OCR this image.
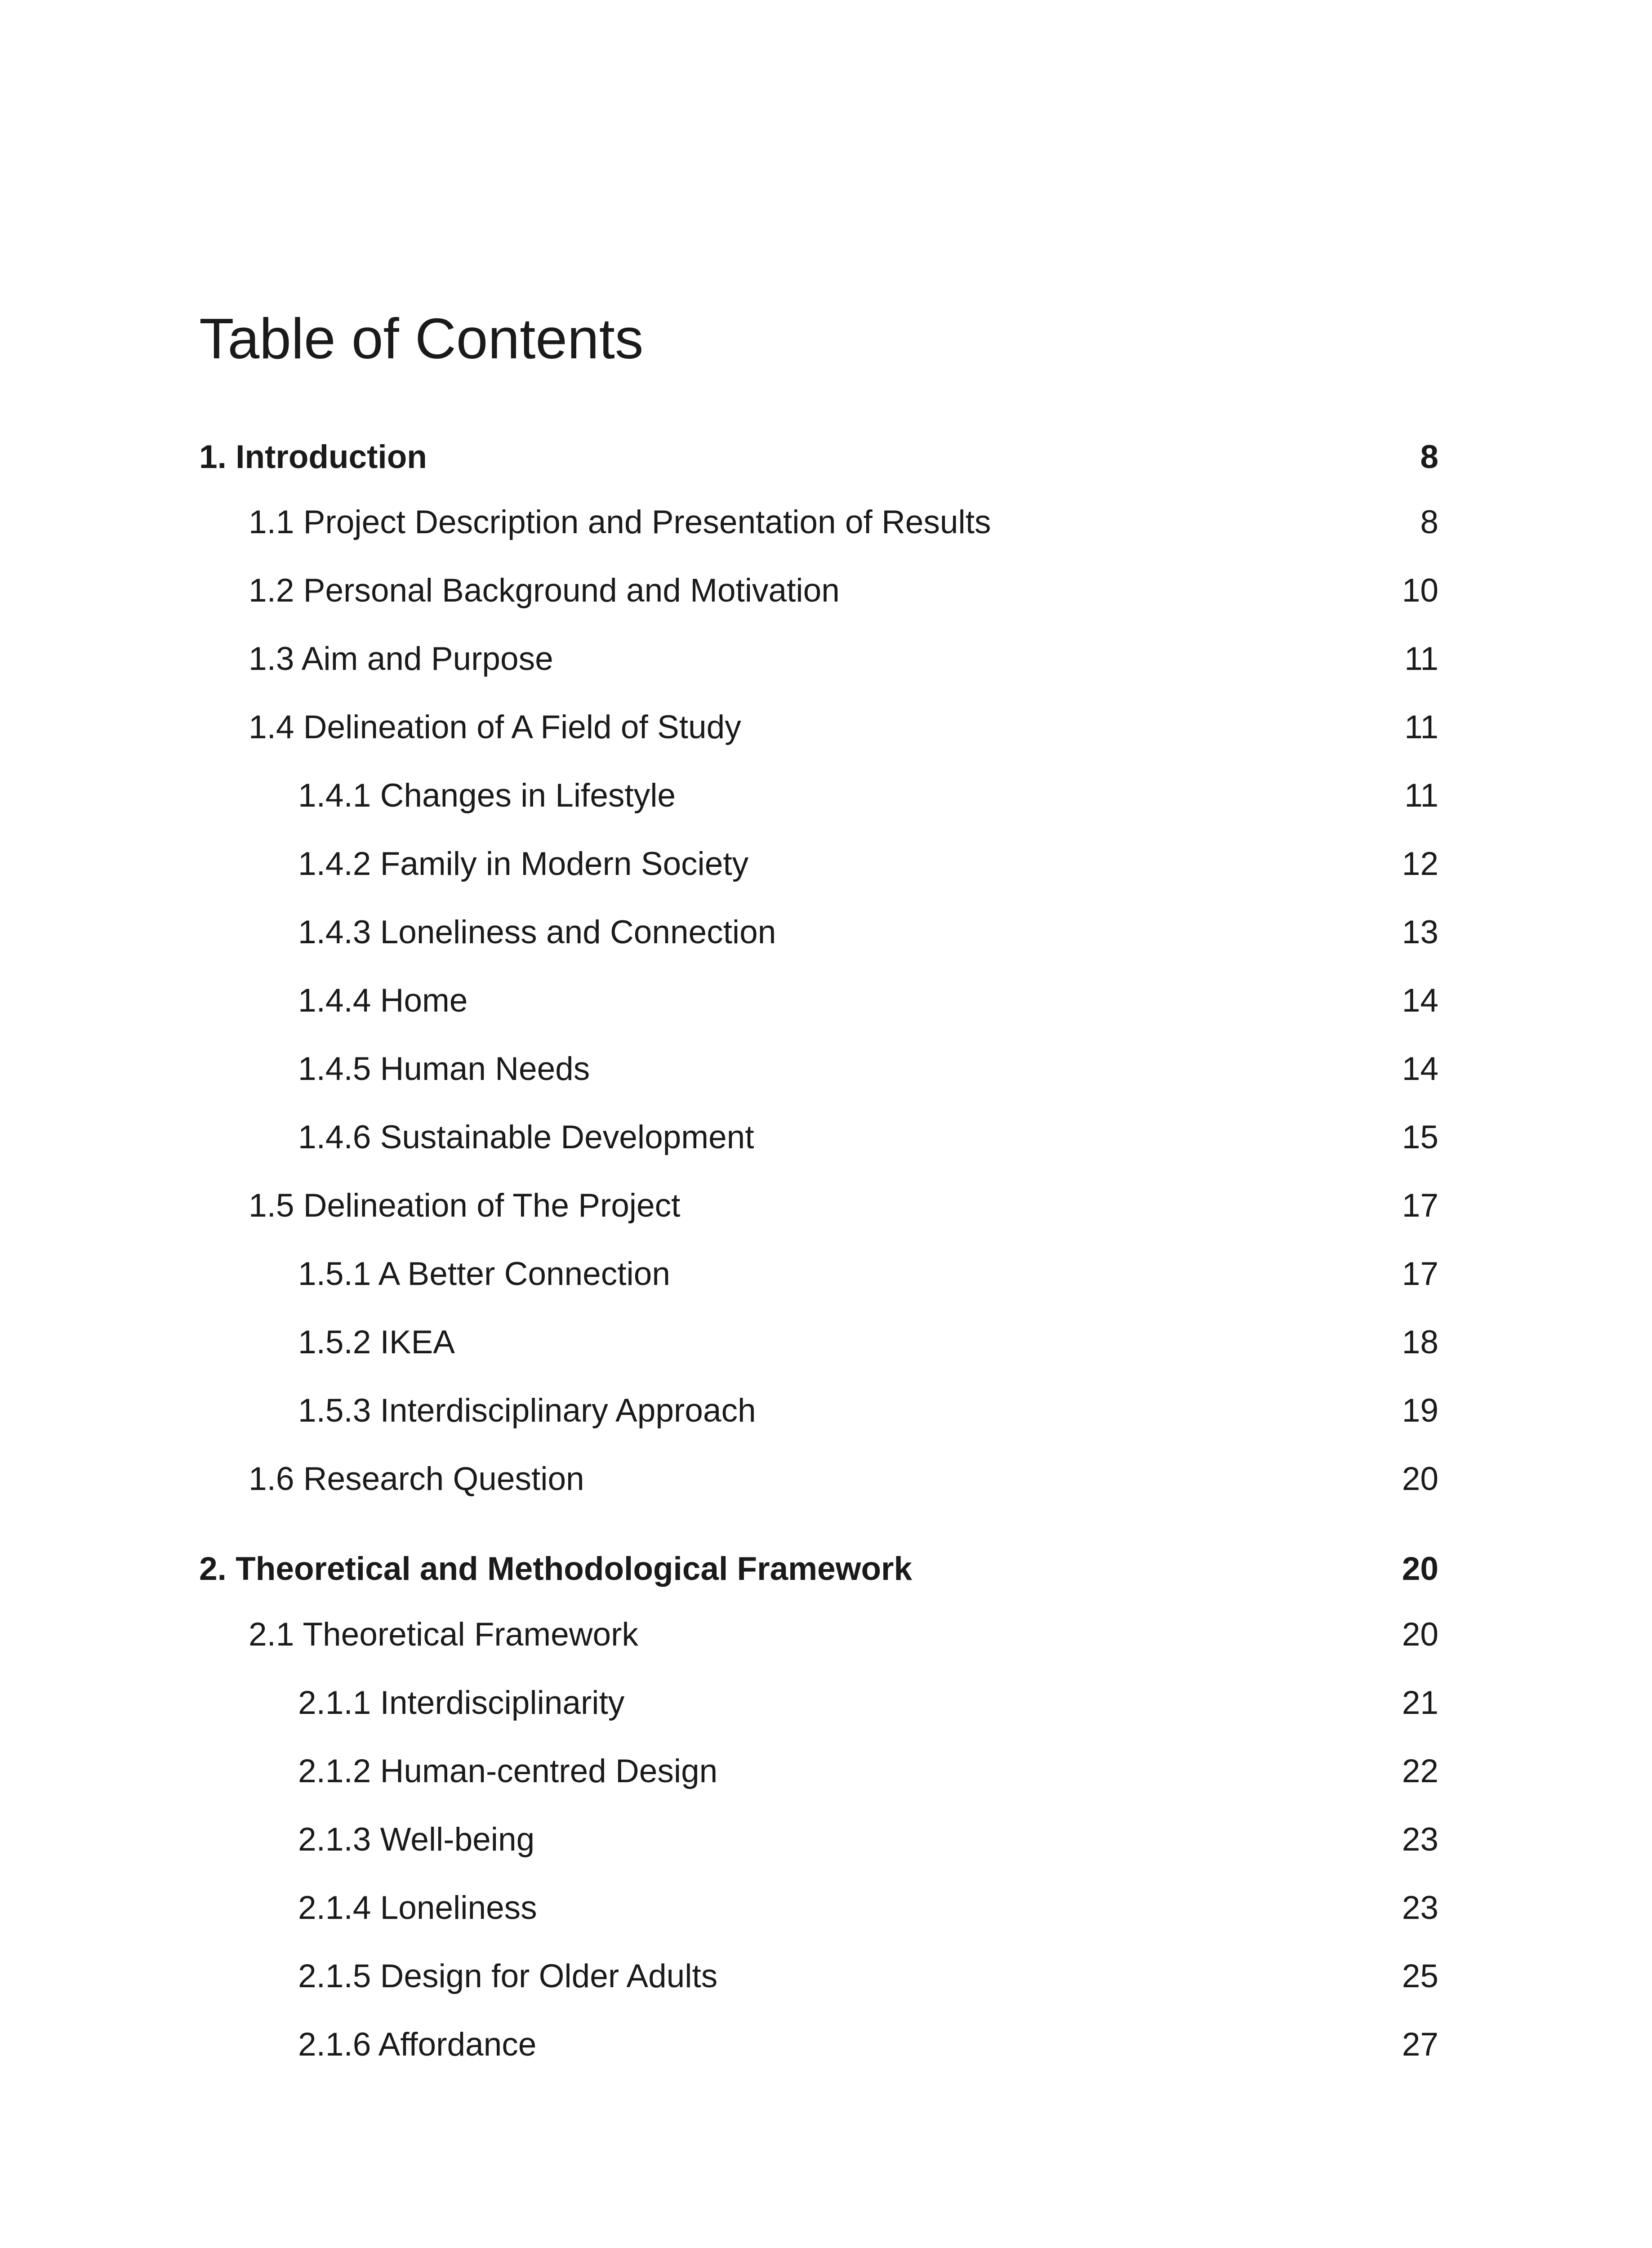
Table of Contents
1. Introduction	8
1.1 Project Description and Presentation of Results	8
1.2 Personal Background and Motivation	10
1.3 Aim and Purpose	11
1.4 Delineation of A Field of Study	11
1.4.1 Changes in Lifestyle	11
1.4.2 Family in Modern Society	12
1.4.3 Loneliness and Connection	13
1.4.4 Home	14
1.4.5 Human Needs	14
1.4.6 Sustainable Development	15
1.5 Delineation of The Project	17
1.5.1 A Better Connection	17
1.5.2 IKEA	18
1.5.3 Interdisciplinary Approach	19
1.6 Research Question	20
2. Theoretical and Methodological Framework	20
2.1 Theoretical Framework	20
2.1.1 Interdisciplinarity	21
2.1.2 Human-centred Design	22
2.1.3 Well-being	23
2.1.4 Loneliness	23
2.1.5 Design for Older Adults	25
2.1.6 Affordance	27
